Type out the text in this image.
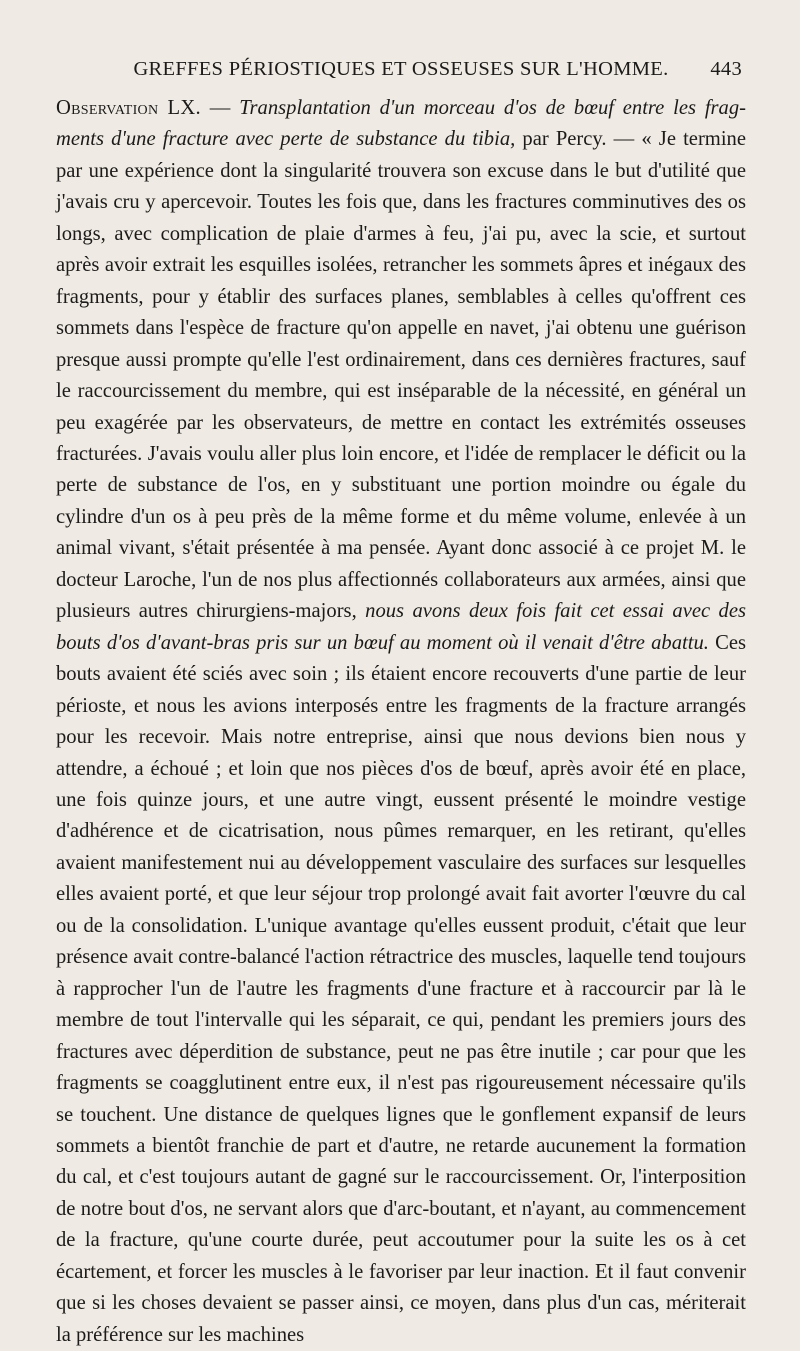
GREFFES PÉRIOSTIQUES ET OSSEUSES SUR L'HOMME. 443

Observation LX. — Transplantation d'un morceau d'os de bœuf entre les frag-ments d'une fracture avec perte de substance du tibia, par Percy. — « Je termine par une expérience dont la singularité trouvera son excuse dans le but d'utilité que j'avais cru y apercevoir. Toutes les fois que, dans les fractures comminutives des os longs, avec complication de plaie d'armes à feu, j'ai pu, avec la scie, et surtout après avoir extrait les esquilles isolées, retrancher les sommets âpres et inégaux des fragments, pour y établir des surfaces planes, semblables à celles qu'offrent ces sommets dans l'espèce de fracture qu'on appelle en navet, j'ai obtenu une guérison presque aussi prompte qu'elle l'est ordinairement, dans ces dernières fractures, sauf le raccourcissement du membre, qui est inséparable de la nécessité, en général un peu exagérée par les observateurs, de mettre en contact les extrémités osseuses fracturées. J'avais voulu aller plus loin encore, et l'idée de remplacer le déficit ou la perte de substance de l'os, en y substituant une portion moindre ou égale du cylindre d'un os à peu près de la même forme et du même volume, enlevée à un animal vivant, s'était présentée à ma pensée. Ayant donc associé à ce projet M. le docteur Laroche, l'un de nos plus affectionnés collaborateurs aux armées, ainsi que plusieurs autres chirurgiens-majors, nous avons deux fois fait cet essai avec des bouts d'os d'avant-bras pris sur un bœuf au moment où il venait d'être abattu. Ces bouts avaient été sciés avec soin ; ils étaient encore recouverts d'une partie de leur périoste, et nous les avions interposés entre les fragments de la fracture arrangés pour les recevoir. Mais notre entreprise, ainsi que nous devions bien nous y attendre, a échoué ; et loin que nos pièces d'os de bœuf, après avoir été en place, une fois quinze jours, et une autre vingt, eussent présenté le moindre vestige d'adhérence et de cicatrisation, nous pûmes remarquer, en les retirant, qu'elles avaient manifestement nui au développement vasculaire des surfaces sur lesquelles elles avaient porté, et que leur séjour trop prolongé avait fait avorter l'œuvre du cal ou de la consolidation. L'unique avantage qu'elles eussent produit, c'était que leur présence avait contre-balancé l'action rétractrice des muscles, laquelle tend toujours à rapprocher l'un de l'autre les fragments d'une fracture et à raccourcir par là le membre de tout l'intervalle qui les séparait, ce qui, pendant les premiers jours des fractures avec déperdition de substance, peut ne pas être inutile ; car pour que les fragments se coagglutinent entre eux, il n'est pas rigoureusement nécessaire qu'ils se touchent. Une distance de quelques lignes que le gonflement expansif de leurs sommets a bientôt franchie de part et d'autre, ne retarde aucunement la formation du cal, et c'est toujours autant de gagné sur le raccourcissement. Or, l'interposition de notre bout d'os, ne servant alors que d'arc-boutant, et n'ayant, au commencement de la fracture, qu'une courte durée, peut accoutumer pour la suite les os à cet écartement, et forcer les muscles à le favoriser par leur inaction. Et il faut convenir que si les choses devaient se passer ainsi, ce moyen, dans plus d'un cas, mériterait la préférence sur les machines
